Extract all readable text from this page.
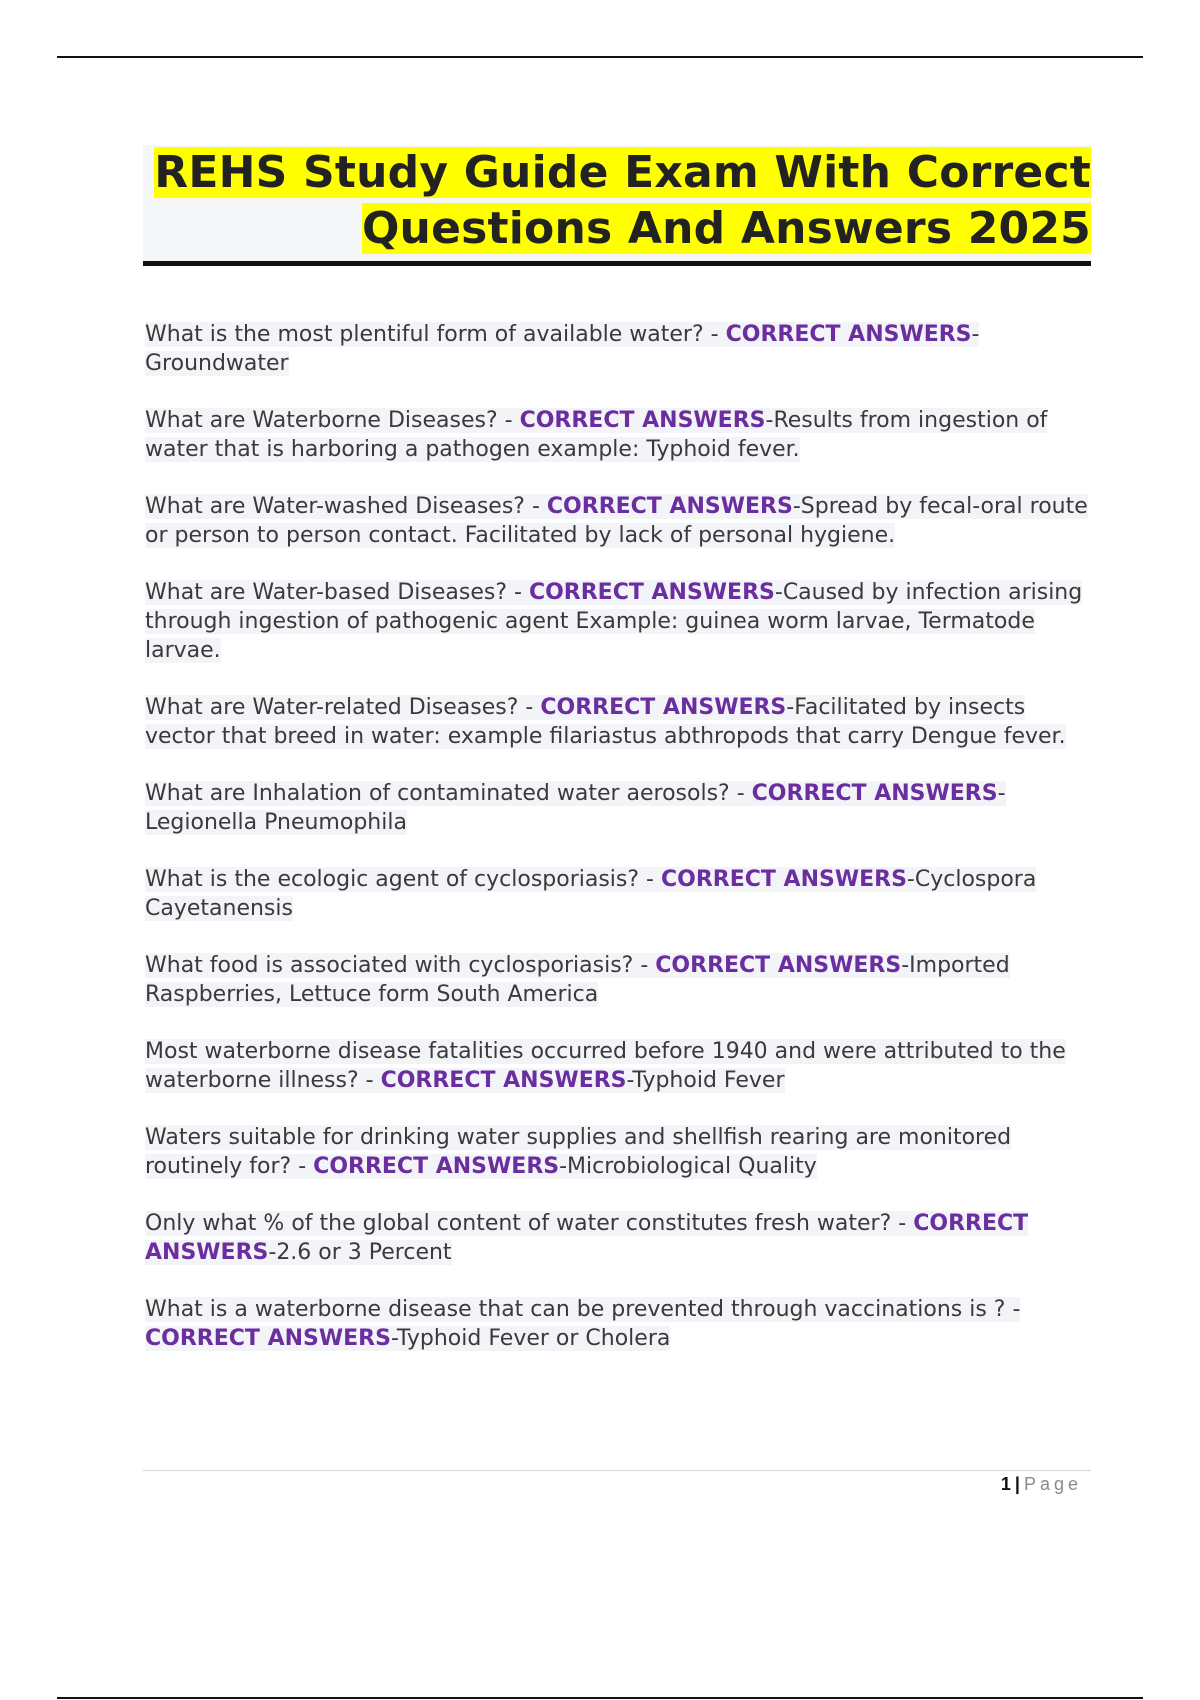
REHS Study Guide Exam With Correct
Questions And Answers 2025

What is the most plentiful form of available water? - CORRECT ANSWERS-Groundwater

What are Waterborne Diseases? - CORRECT ANSWERS-Results from ingestion of water that is harboring a pathogen example: Typhoid fever.

What are Water-washed Diseases? - CORRECT ANSWERS-Spread by fecal-oral route or person to person contact. Facilitated by lack of personal hygiene.

What are Water-based Diseases? - CORRECT ANSWERS-Caused by infection arising through ingestion of pathogenic agent Example: guinea worm larvae, Termatode larvae.

What are Water-related Diseases? - CORRECT ANSWERS-Facilitated by insects vector that breed in water: example filariastus abthropods that carry Dengue fever.

What are Inhalation of contaminated water aerosols? - CORRECT ANSWERS-Legionella Pneumophila

What is the ecologic agent of cyclosporiasis? - CORRECT ANSWERS-Cyclospora Cayetanensis

What food is associated with cyclosporiasis? - CORRECT ANSWERS-Imported Raspberries, Lettuce form South America

Most waterborne disease fatalities occurred before 1940 and were attributed to the waterborne illness? - CORRECT ANSWERS-Typhoid Fever

Waters suitable for drinking water supplies and shellfish rearing are monitored routinely for? - CORRECT ANSWERS-Microbiological Quality

Only what % of the global content of water constitutes fresh water? - CORRECT ANSWERS-2.6 or 3 Percent

What is a waterborne disease that can be prevented through vaccinations is ? - CORRECT ANSWERS-Typhoid Fever or Cholera

1 | Page
